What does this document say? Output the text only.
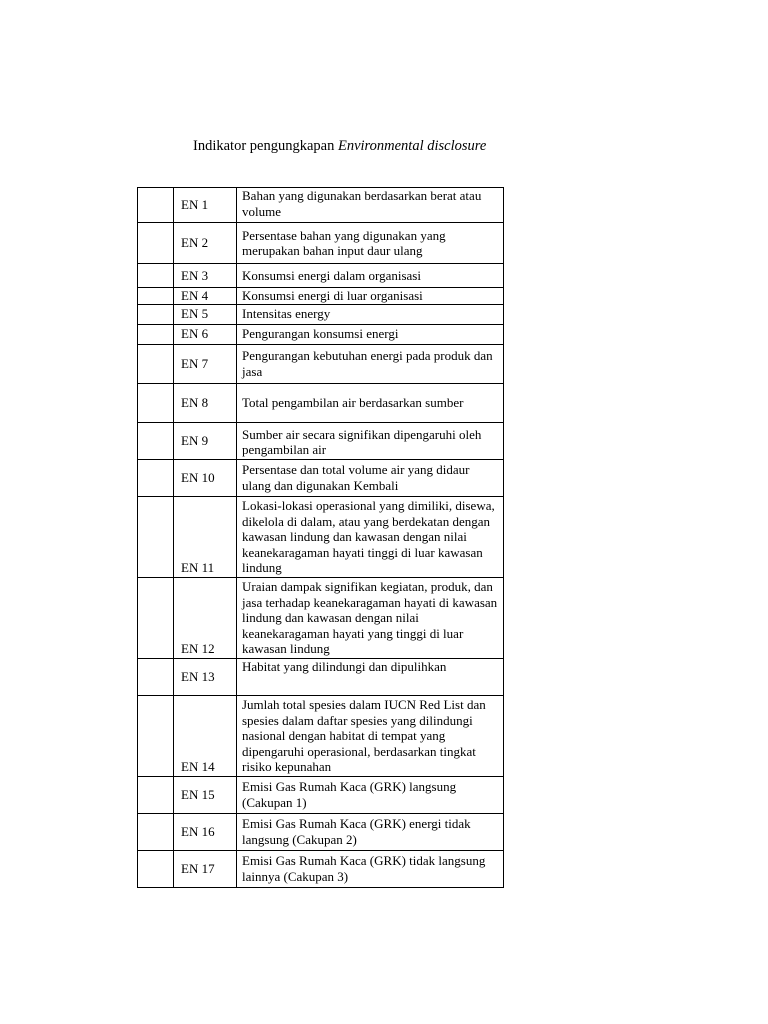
Indikator pengungkapan Environmental disclosure
	EN 1	Bahan yang digunakan berdasarkan berat atau volume
	EN 2	Persentase bahan yang digunakan yang merupakan bahan input daur ulang
	EN 3	Konsumsi energi dalam organisasi
	EN 4	Konsumsi energi di luar organisasi
	EN 5	Intensitas energy
	EN 6	Pengurangan konsumsi energi
	EN 7	Pengurangan kebutuhan energi pada produk dan jasa
	EN 8	Total pengambilan air berdasarkan sumber
	EN 9	Sumber air secara signifikan dipengaruhi oleh pengambilan air
	EN 10	Persentase dan total volume air yang didaur ulang dan digunakan Kembali
	EN 11	Lokasi-lokasi operasional yang dimiliki, disewa, dikelola di dalam, atau yang berdekatan dengan kawasan lindung dan kawasan dengan nilai keanekaragaman hayati tinggi di luar kawasan lindung
	EN 12	Uraian dampak signifikan kegiatan, produk, dan jasa terhadap keanekaragaman hayati di kawasan lindung dan kawasan dengan nilai keanekaragaman hayati yang tinggi di luar kawasan lindung
	EN 13	Habitat yang dilindungi dan dipulihkan
	EN 14	Jumlah total spesies dalam IUCN Red List dan spesies dalam daftar spesies yang dilindungi nasional dengan habitat di tempat yang dipengaruhi operasional, berdasarkan tingkat risiko kepunahan
	EN 15	Emisi Gas Rumah Kaca (GRK) langsung (Cakupan 1)
	EN 16	Emisi Gas Rumah Kaca (GRK) energi tidak langsung (Cakupan 2)
	EN 17	Emisi Gas Rumah Kaca (GRK) tidak langsung lainnya (Cakupan 3)
